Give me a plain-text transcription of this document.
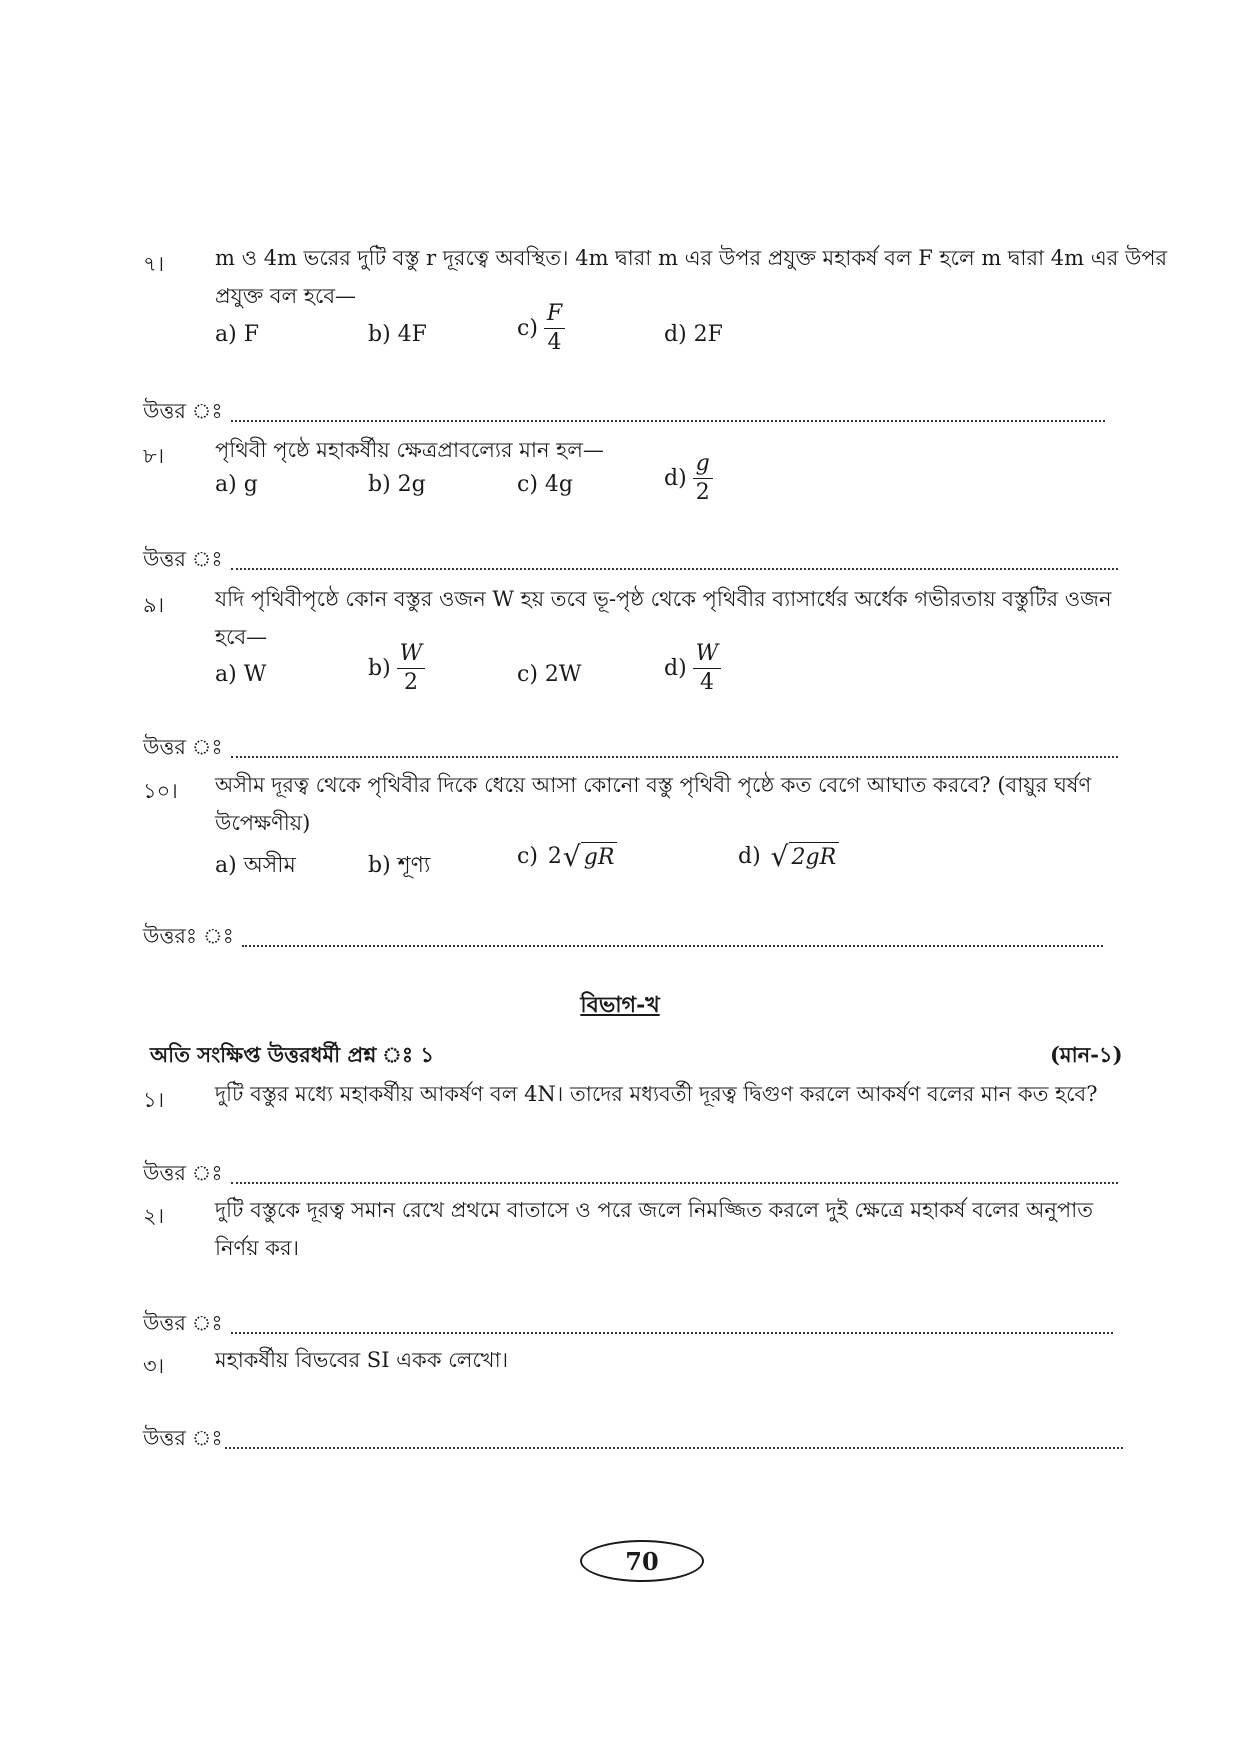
৭। m ও 4m ভরের দুটি বস্তু r দূরত্বে অবস্থিত। 4m দ্বারা m এর উপর প্রযুক্ত মহাকর্ষ বল F হলে m দ্বারা 4m এর উপর
প্রযুক্ত বল হবে—
a) F	b) 4F	$c) \frac{F}{4}$	d) 2F
উত্তর ঃ
৮। পৃথিবী পৃষ্ঠে মহাকর্ষীয় ক্ষেত্রপ্রাবল্যের মান হল—
a) g	b) 2g	c) 4g	$d) \frac{g}{2}$
উত্তর ঃ
৯। যদি পৃথিবীপৃষ্ঠে কোন বস্তুর ওজন W হয় তবে ভূ-পৃষ্ঠ থেকে পৃথিবীর ব্যাসার্ধের অর্ধেক গভীরতায় বস্তুটির ওজন
হবে—
a) W	$b) \frac{W}{2}$	c) 2W	$d) \frac{W}{4}$
উত্তর ঃ
১০। অসীম দূরত্ব থেকে পৃথিবীর দিকে ধেয়ে আসা কোনো বস্তু পৃথিবী পৃষ্ঠে কত বেগে আঘাত করবে? (বায়ুর ঘর্ষণ
উপেক্ষণীয়)
a) অসীম	b) শূণ্য	c) 2 √ gR	d) √ 2gR
উত্তরঃ ঃ
বিভাগ-খ
অতি সংক্ষিপ্ত উত্তরধর্মী প্রশ্ন ঃ ১	(মান-১)
১। দুটি বস্তুর মধ্যে মহাকর্ষীয় আকর্ষণ বল 4N। তাদের মধ্যবর্তী দূরত্ব দ্বিগুণ করলে আকর্ষণ বলের মান কত হবে?
উত্তর ঃ
২। দুটি বস্তুকে দূরত্ব সমান রেখে প্রথমে বাতাসে ও পরে জলে নিমজ্জিত করলে দুই ক্ষেত্রে মহাকর্ষ বলের অনুপাত
নির্ণয় কর।
উত্তর ঃ
৩। মহাকর্ষীয় বিভবের SI একক লেখো।
উত্তর ঃ
70
